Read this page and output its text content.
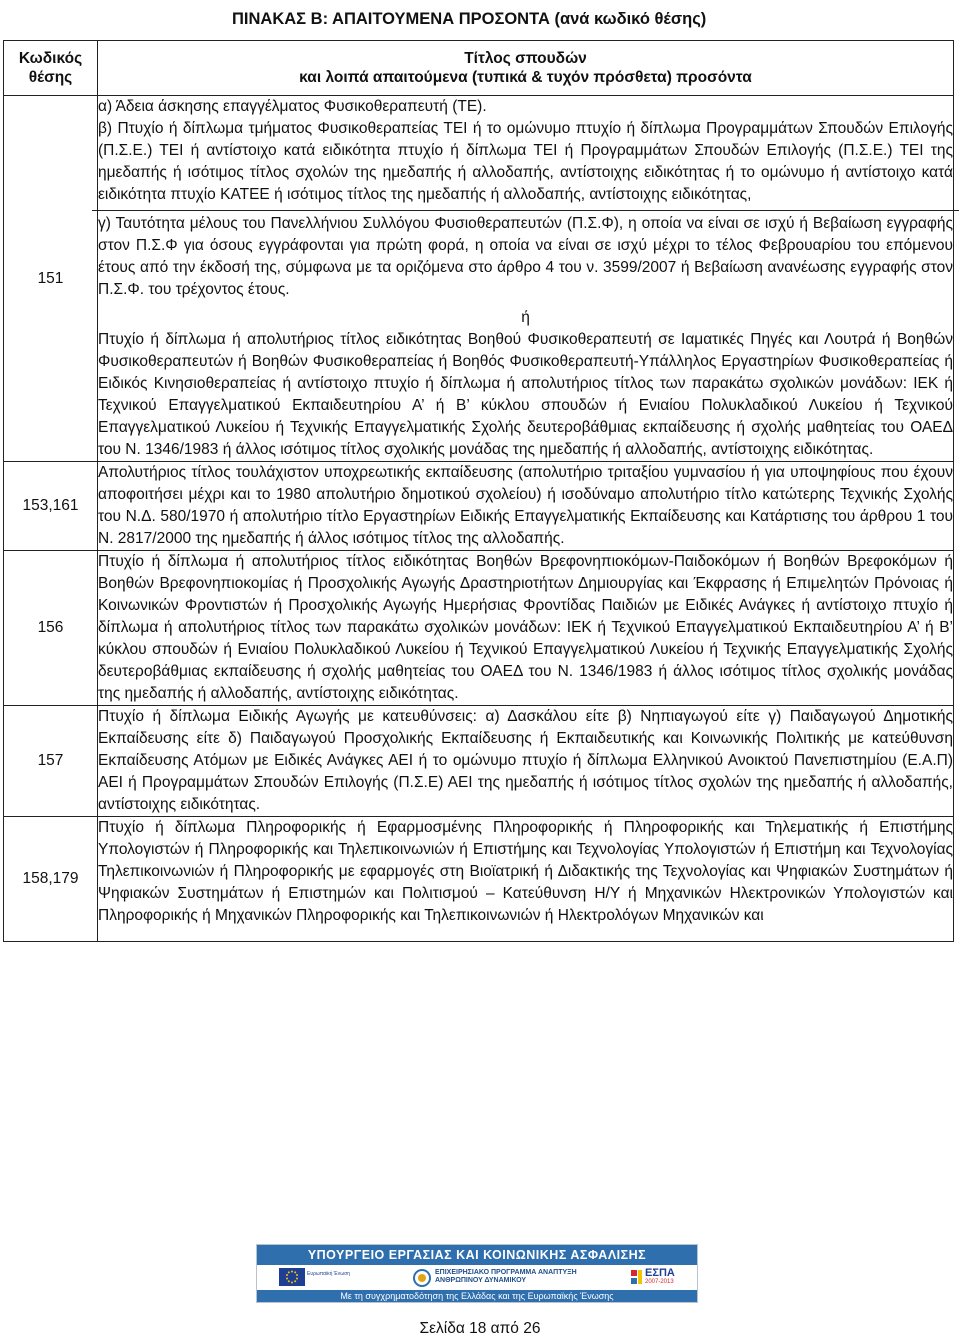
ΠΙΝΑΚΑΣ Β: ΑΠΑΙΤΟΥΜΕΝΑ ΠΡΟΣΟΝΤΑ (ανά κωδικό θέσης)
Κωδικός
θέσης	Τίτλος σπουδών
και λοιπά απαιτούμενα (τυπικά & τυχόν πρόσθετα) προσόντα
151	α) Άδεια άσκησης επαγγέλματος Φυσικοθεραπευτή (ΤΕ).

β) Πτυχίο ή δίπλωμα τμήματος Φυσικοθεραπείας ΤΕΙ ή το ομώνυμο πτυχίο ή δίπλωμα Προγραμμάτων Σπουδών Επιλογής (Π.Σ.Ε.) ΤΕΙ ή αντίστοιχο κατά ειδικότητα πτυχίο ή δίπλωμα ΤΕΙ ή Προγραμμάτων Σπουδών Επιλογής (Π.Σ.Ε.) ΤΕΙ της ημεδαπής ή ισότιμος τίτλος σχολών της ημεδαπής ή αλλοδαπής, αντίστοιχης ειδικότητας ή το ομώνυμο ή αντίστοιχο κατά ειδικότητα πτυχίο ΚΑΤΕΕ ή ισότιμος τίτλος της ημεδαπής ή αλλοδαπής, αντίστοιχης ειδικότητας,

γ) Ταυτότητα μέλους του Πανελλήνιου Συλλόγου Φυσιοθεραπευτών (Π.Σ.Φ), η οποία να είναι σε ισχύ ή Βεβαίωση εγγραφής στον Π.Σ.Φ για όσους εγγράφονται για πρώτη φορά, η οποία να είναι σε ισχύ μέχρι το τέλος Φεβρουαρίου του επόμενου έτους από την έκδοσή της, σύμφωνα με τα οριζόμενα στο άρθρο 4 του ν. 3599/2007 ή Βεβαίωση ανανέωσης εγγραφής στον Π.Σ.Φ. του τρέχοντος έτους.

ή

Πτυχίο ή δίπλωμα ή απολυτήριος τίτλος ειδικότητας Βοηθού Φυσικοθεραπευτή σε Ιαματικές Πηγές και Λουτρά ή Βοηθών Φυσικοθεραπευτών ή Βοηθών Φυσικοθεραπείας ή Βοηθός Φυσικοθεραπευτή-Υπάλληλος Εργαστηρίων Φυσικοθεραπείας ή Ειδικός Κινησιοθεραπείας ή αντίστοιχο πτυχίο ή δίπλωμα ή απολυτήριος τίτλος των παρακάτω σχολικών μονάδων: ΙΕΚ ή Τεχνικού Επαγγελματικού Εκπαιδευτηρίου Α’ ή Β’ κύκλου σπουδών ή Ενιαίου Πολυκλαδικού Λυκείου ή Τεχνικού Επαγγελματικού Λυκείου ή Τεχνικής Επαγγελματικής Σχολής δευτεροβάθμιας εκπαίδευσης ή σχολής μαθητείας του ΟΑΕΔ του Ν. 1346/1983 ή άλλος ισότιμος τίτλος σχολικής μονάδας της ημεδαπής ή αλλοδαπής, αντίστοιχης ειδικότητας.

153,161	Απολυτήριος τίτλος τουλάχιστον υποχρεωτικής εκπαίδευσης (απολυτήριο τριταξίου γυμνασίου ή για υποψηφίους που έχουν αποφοιτήσει μέχρι και το 1980 απολυτήριο δημοτικού σχολείου) ή ισοδύναμο απολυτήριο τίτλο κατώτερης Τεχνικής Σχολής του Ν.Δ. 580/1970 ή απολυτήριο τίτλο Εργαστηρίων Ειδικής Επαγγελματικής Εκπαίδευσης και Κατάρτισης του άρθρου 1 του Ν. 2817/2000 της ημεδαπής ή άλλος ισότιμος τίτλος της αλλοδαπής.

156	Πτυχίο ή δίπλωμα ή απολυτήριος τίτλος ειδικότητας Βοηθών Βρεφονηπιοκόμων-Παιδοκόμων ή Βοηθών Βρεφοκόμων ή Βοηθών Βρεφονηπιοκομίας ή Προσχολικής Αγωγής Δραστηριοτήτων Δημιουργίας και Έκφρασης ή Επιμελητών Πρόνοιας ή Κοινωνικών Φροντιστών ή Προσχολικής Αγωγής Ημερήσιας Φροντίδας Παιδιών με Ειδικές Ανάγκες ή αντίστοιχο πτυχίο ή δίπλωμα ή απολυτήριος τίτλος των παρακάτω σχολικών μονάδων: ΙΕΚ ή Τεχνικού Επαγγελματικού Εκπαιδευτηρίου Α’ ή Β’ κύκλου σπουδών ή Ενιαίου Πολυκλαδικού Λυκείου ή Τεχνικού Επαγγελματικού Λυκείου ή Τεχνικής Επαγγελματικής Σχολής δευτεροβάθμιας εκπαίδευσης ή σχολής μαθητείας του ΟΑΕΔ του Ν. 1346/1983 ή άλλος ισότιμος τίτλος σχολικής μονάδας της ημεδαπής ή αλλοδαπής, αντίστοιχης ειδικότητας.

157	Πτυχίο ή δίπλωμα Ειδικής Αγωγής με κατευθύνσεις: α) Δασκάλου είτε β) Νηπιαγωγού είτε γ) Παιδαγωγού Δημοτικής Εκπαίδευσης είτε δ) Παιδαγωγού Προσχολικής Εκπαίδευσης ή Εκπαιδευτικής και Κοινωνικής Πολιτικής με κατεύθυνση Εκπαίδευσης Ατόμων με Ειδικές Ανάγκες ΑΕΙ ή το ομώνυμο πτυχίο ή δίπλωμα Ελληνικού Ανοικτού Πανεπιστημίου (Ε.Α.Π) ΑΕΙ ή Προγραμμάτων Σπουδών Επιλογής (Π.Σ.Ε) ΑΕΙ της ημεδαπής ή ισότιμος τίτλος σχολών της ημεδαπής ή αλλοδαπής, αντίστοιχης ειδικότητας.

158,179	Πτυχίο ή δίπλωμα Πληροφορικής ή Εφαρμοσμένης Πληροφορικής ή Πληροφορικής και Τηλεματικής ή Επιστήμης Υπολογιστών ή Πληροφορικής και Τηλεπικοινωνιών ή Επιστήμης και Τεχνολογίας Υπολογιστών ή Επιστήμη και Τεχνολογίας Τηλεπικοινωνιών ή Πληροφορικής με εφαρμογές στη Βιοϊατρική ή Διδακτικής της Τεχνολογίας και Ψηφιακών Συστημάτων ή Ψηφιακών Συστημάτων ή Επιστημών και Πολιτισμού – Κατεύθυνση Η/Υ ή Μηχανικών Ηλεκτρονικών Υπολογιστών και Πληροφορικής ή Μηχανικών Πληροφορικής και Τηλεπικοινωνιών ή Ηλεκτρολόγων Μηχανικών και

ΥΠΟΥΡΓΕΙΟ ΕΡΓΑΣΙΑΣ ΚΑΙ ΚΟΙΝΩΝΙΚΗΣ ΑΣΦΑΛΙΣΗΣ
Ευρωπαϊκή Ένωση	ΕΠΙΧΕΙΡΗΣΙΑΚΟ ΠΡΟΓΡΑΜΜΑ ΑΝΑΠΤΥΞΗ ΑΝΘΡΩΠΙΝΟΥ ΔΥΝΑΜΙΚΟΥ
ΕΣΠΑ
2007-2013
Με τη συγχρηματοδότηση της Ελλάδας και της Ευρωπαϊκής Ένωσης
Σελίδα 18 από 26
